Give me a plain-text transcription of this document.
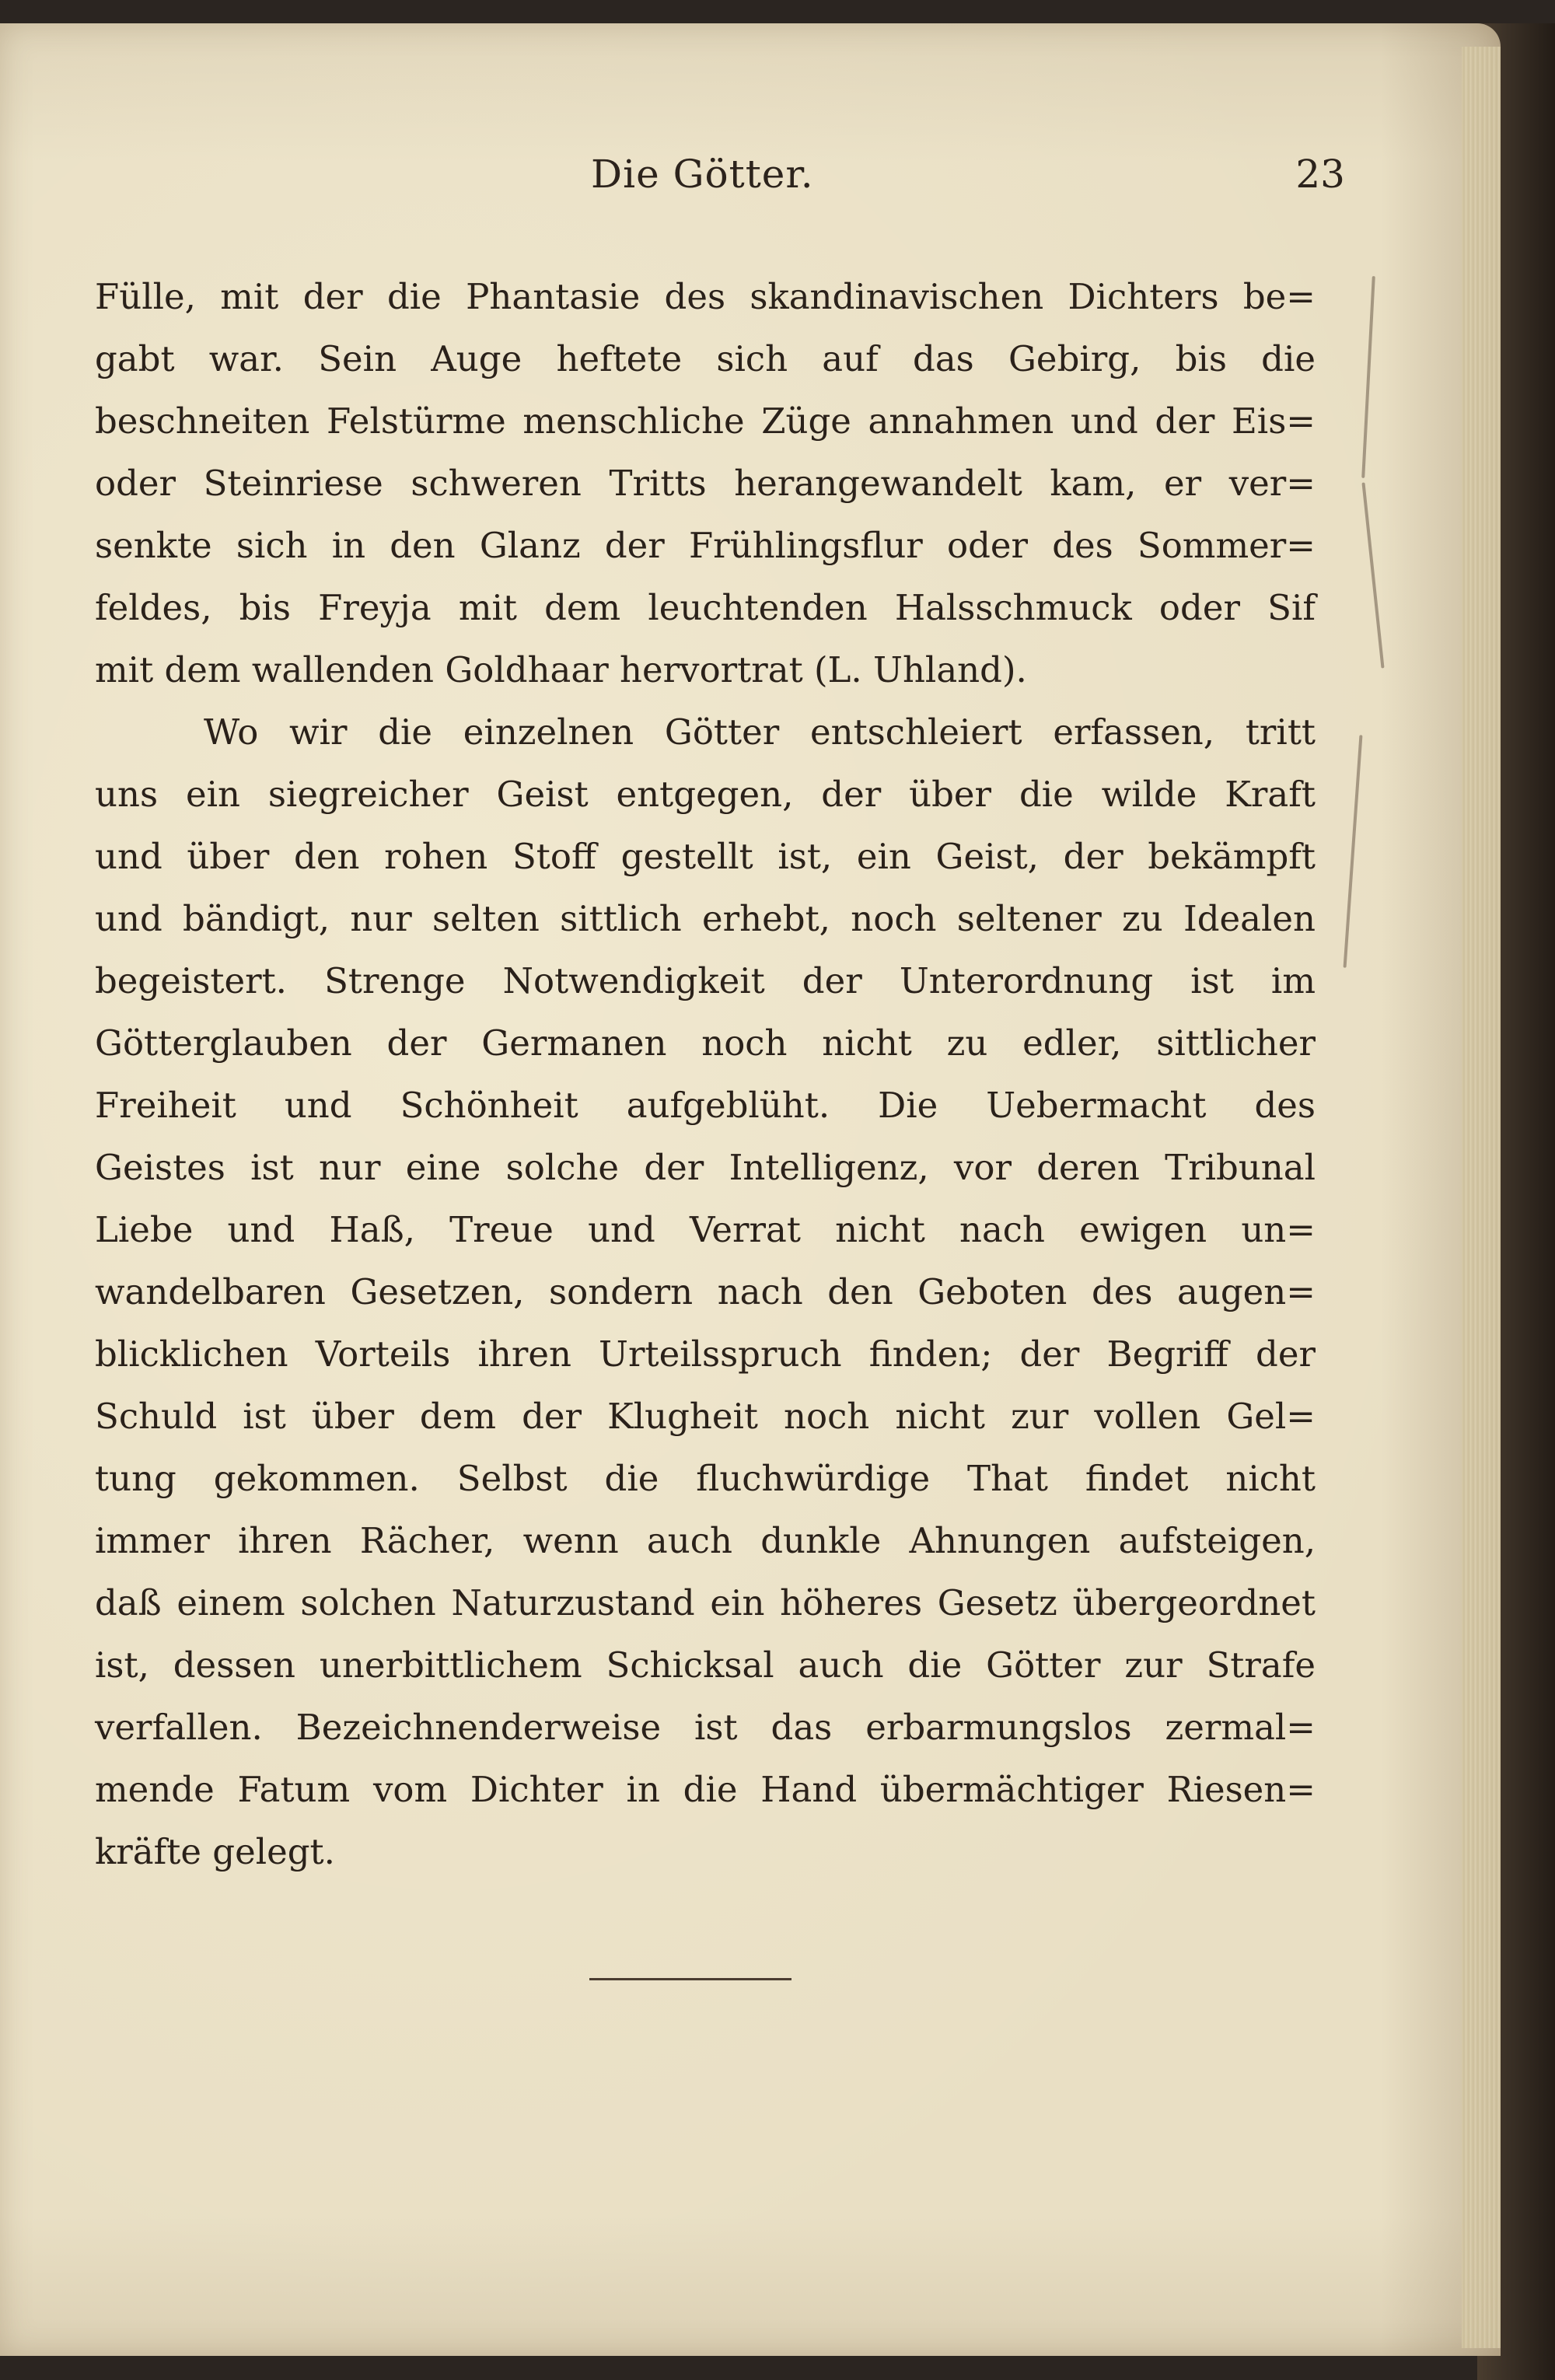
Die Götter.	23
Fülle, mit der die Phantasie des skandinavischen Dichters be=
gabt war. Sein Auge heftete sich auf das Gebirg, bis die
beschneiten Felstürme menschliche Züge annahmen und der Eis=
oder Steinriese schweren Tritts herangewandelt kam, er ver=
senkte sich in den Glanz der Frühlingsflur oder des Sommer=
feldes, bis Freyja mit dem leuchtenden Halsschmuck oder Sif
mit dem wallenden Goldhaar hervortrat (L. Uhland).
Wo wir die einzelnen Götter entschleiert erfassen, tritt
uns ein siegreicher Geist entgegen, der über die wilde Kraft
und über den rohen Stoff gestellt ist, ein Geist, der bekämpft
und bändigt, nur selten sittlich erhebt, noch seltener zu Idealen
begeistert. Strenge Notwendigkeit der Unterordnung ist im
Götterglauben der Germanen noch nicht zu edler, sittlicher
Freiheit und Schönheit aufgeblüht. Die Uebermacht des
Geistes ist nur eine solche der Intelligenz, vor deren Tribunal
Liebe und Haß, Treue und Verrat nicht nach ewigen un=
wandelbaren Gesetzen, sondern nach den Geboten des augen=
blicklichen Vorteils ihren Urteilsspruch finden; der Begriff der
Schuld ist über dem der Klugheit noch nicht zur vollen Gel=
tung gekommen. Selbst die fluchwürdige That findet nicht
immer ihren Rächer, wenn auch dunkle Ahnungen aufsteigen,
daß einem solchen Naturzustand ein höheres Gesetz übergeordnet
ist, dessen unerbittlichem Schicksal auch die Götter zur Strafe
verfallen. Bezeichnenderweise ist das erbarmungslos zermal=
mende Fatum vom Dichter in die Hand übermächtiger Riesen=
kräfte gelegt.
